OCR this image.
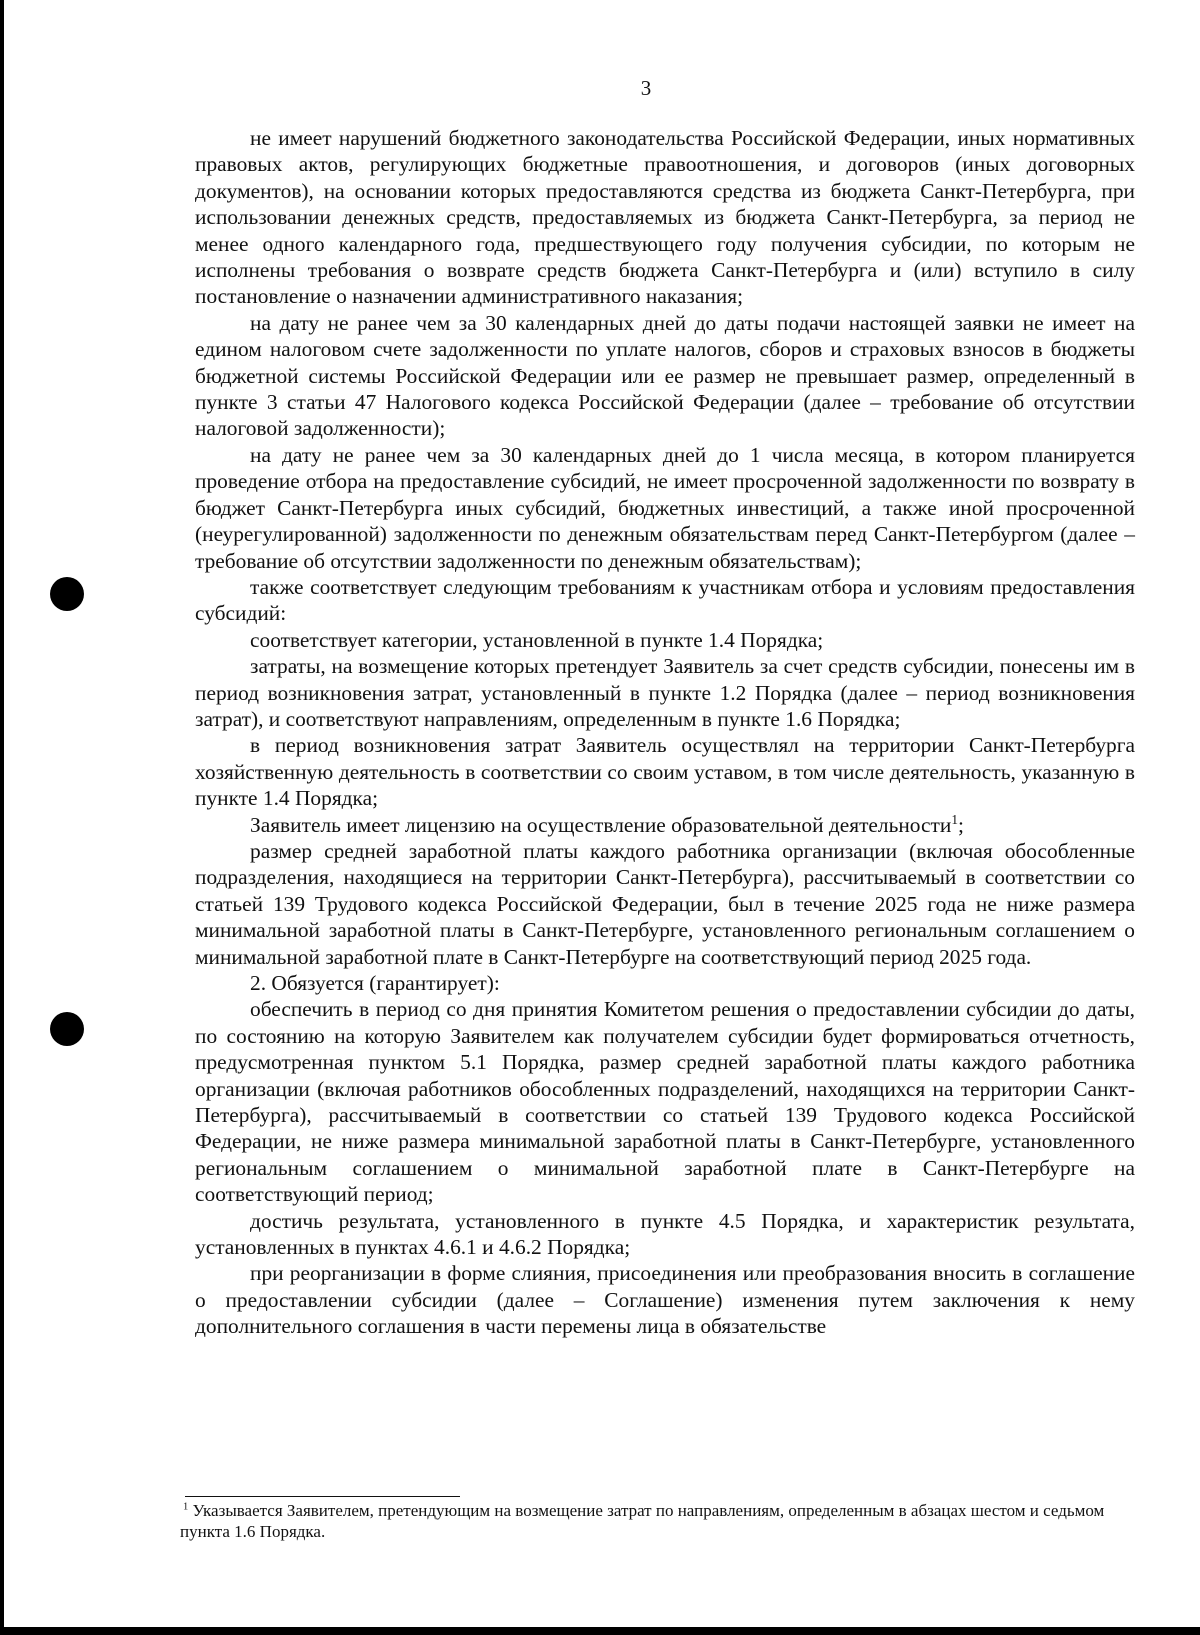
3

не имеет нарушений бюджетного законодательства Российской Федерации, иных нормативных правовых актов, регулирующих бюджетные правоотношения, и договоров (иных договорных документов), на основании которых предоставляются средства из бюджета Санкт-Петербурга, при использовании денежных средств, предоставляемых из бюджета Санкт-Петербурга, за период не менее одного календарного года, предшествующего году получения субсидии, по которым не исполнены требования о возврате средств бюджета Санкт-Петербурга и (или) вступило в силу постановление о назначении административного наказания;

на дату не ранее чем за 30 календарных дней до даты подачи настоящей заявки не имеет на едином налоговом счете задолженности по уплате налогов, сборов и страховых взносов в бюджеты бюджетной системы Российской Федерации или ее размер не превышает размер, определенный в пункте 3 статьи 47 Налогового кодекса Российской Федерации (далее – требование об отсутствии налоговой задолженности);

на дату не ранее чем за 30 календарных дней до 1 числа месяца, в котором планируется проведение отбора на предоставление субсидий, не имеет просроченной задолженности по возврату в бюджет Санкт-Петербурга иных субсидий, бюджетных инвестиций, а также иной просроченной (неурегулированной) задолженности по денежным обязательствам перед Санкт-Петербургом (далее – требование об отсутствии задолженности по денежным обязательствам);

также соответствует следующим требованиям к участникам отбора и условиям предоставления субсидий:

соответствует категории, установленной в пункте 1.4 Порядка;

затраты, на возмещение которых претендует Заявитель за счет средств субсидии, понесены им в период возникновения затрат, установленный в пункте 1.2 Порядка (далее – период возникновения затрат), и соответствуют направлениям, определенным в пункте 1.6 Порядка;

в период возникновения затрат Заявитель осуществлял на территории Санкт-Петербурга хозяйственную деятельность в соответствии со своим уставом, в том числе деятельность, указанную в пункте 1.4 Порядка;

Заявитель имеет лицензию на осуществление образовательной деятельности$^1$;

размер средней заработной платы каждого работника организации (включая обособленные подразделения, находящиеся на территории Санкт-Петербурга), рассчитываемый в соответствии со статьей 139 Трудового кодекса Российской Федерации, был в течение 2025 года не ниже размера минимальной заработной платы в Санкт-Петербурге, установленного региональным соглашением о минимальной заработной плате в Санкт-Петербурге на соответствующий период 2025 года.

2. Обязуется (гарантирует):

обеспечить в период со дня принятия Комитетом решения о предоставлении субсидии до даты, по состоянию на которую Заявителем как получателем субсидии будет формироваться отчетность, предусмотренная пунктом 5.1 Порядка, размер средней заработной платы каждого работника организации (включая работников обособленных подразделений, находящихся на территории Санкт-Петербурга), рассчитываемый в соответствии со статьей 139 Трудового кодекса Российской Федерации, не ниже размера минимальной заработной платы в Санкт-Петербурге, установленного региональным соглашением о минимальной заработной плате в Санкт-Петербурге на соответствующий период;

достичь результата, установленного в пункте 4.5 Порядка, и характеристик результата, установленных в пунктах 4.6.1 и 4.6.2 Порядка;

при реорганизации в форме слияния, присоединения или преобразования вносить в соглашение о предоставлении субсидии (далее – Соглашение) изменения путем заключения к нему дополнительного соглашения в части перемены лица в обязательстве

$^1$ Указывается Заявителем, претендующим на возмещение затрат по направлениям, определенным в абзацах шестом и седьмом пункта 1.6 Порядка.
